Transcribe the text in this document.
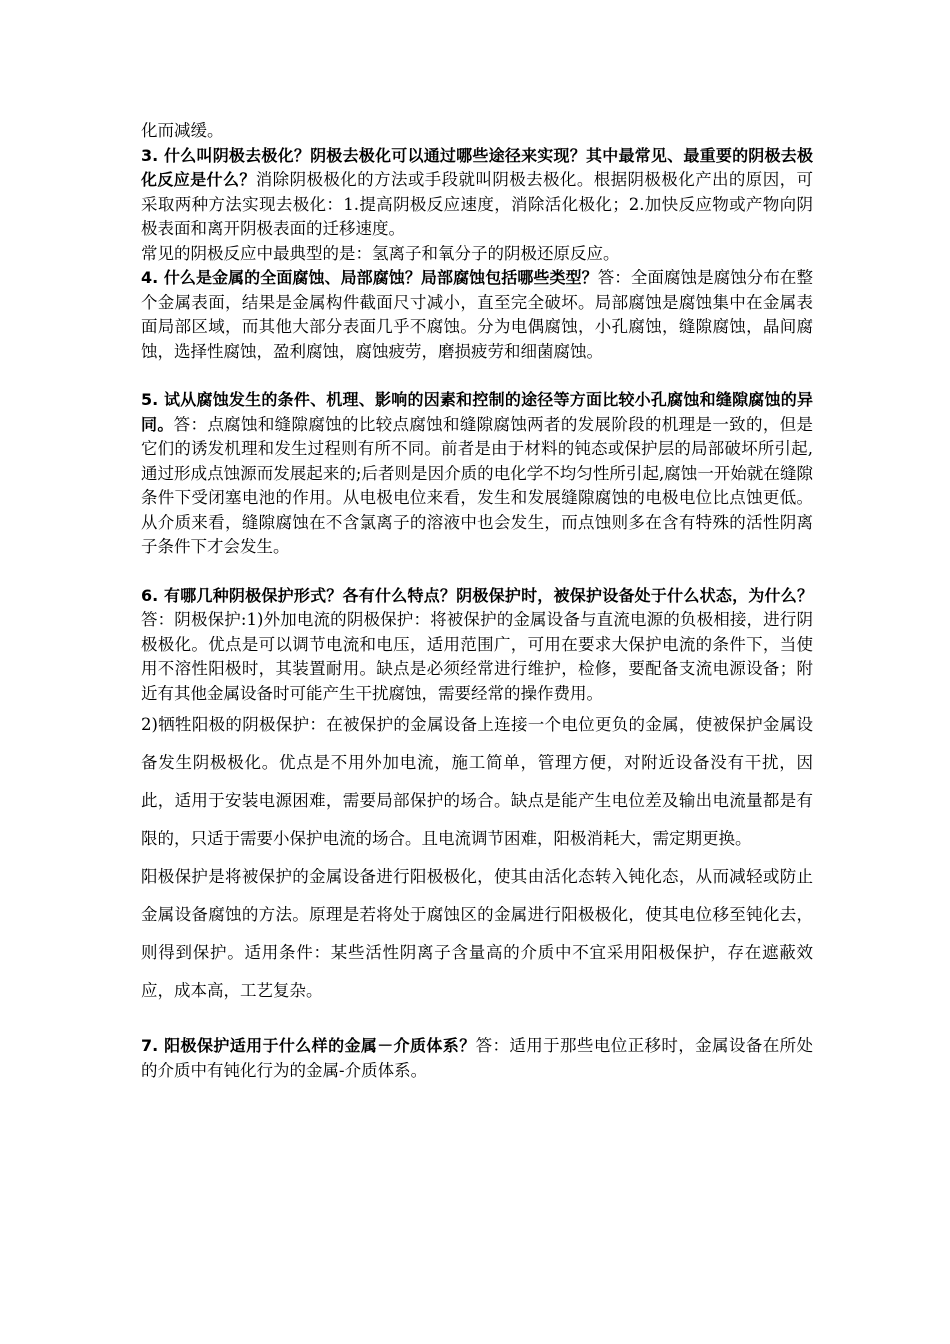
化而减缓。

3. 什么叫阴极去极化？阴极去极化可以通过哪些途径来实现？其中最常见、最重要的阴极去极化反应是什么？消除阴极极化的方法或手段就叫阴极去极化。根据阴极极化产出的原因，可采取两种方法实现去极化：1.提高阴极反应速度，消除活化极化；2.加快反应物或产物向阴极表面和离开阴极表面的迁移速度。

常见的阴极反应中最典型的是：氢离子和氧分子的阴极还原反应。

4. 什么是金属的全面腐蚀、局部腐蚀？局部腐蚀包括哪些类型？答：全面腐蚀是腐蚀分布在整个金属表面，结果是金属构件截面尺寸减小，直至完全破坏。局部腐蚀是腐蚀集中在金属表面局部区域，而其他大部分表面几乎不腐蚀。分为电偶腐蚀，小孔腐蚀，缝隙腐蚀，晶间腐蚀，选择性腐蚀，盈利腐蚀，腐蚀疲劳，磨损疲劳和细菌腐蚀。

5. 试从腐蚀发生的条件、机理、影响的因素和控制的途径等方面比较小孔腐蚀和缝隙腐蚀的异同。答：点腐蚀和缝隙腐蚀的比较点腐蚀和缝隙腐蚀两者的发展阶段的机理是一致的，但是它们的诱发机理和发生过程则有所不同。前者是由于材料的钝态或保护层的局部破坏所引起,通过形成点蚀源而发展起来的;后者则是因介质的电化学不均匀性所引起,腐蚀一开始就在缝隙条件下受闭塞电池的作用。从电极电位来看，发生和发展缝隙腐蚀的电极电位比点蚀更低。从介质来看，缝隙腐蚀在不含氯离子的溶液中也会发生，而点蚀则多在含有特殊的活性阴离子条件下才会发生。

6. 有哪几种阴极保护形式？各有什么特点？阴极保护时，被保护设备处于什么状态，为什么？答：阴极保护:1)外加电流的阴极保护：将被保护的金属设备与直流电源的负极相接，进行阴极极化。优点是可以调节电流和电压，适用范围广，可用在要求大保护电流的条件下，当使用不溶性阳极时，其装置耐用。缺点是必须经常进行维护，检修，要配备支流电源设备；附近有其他金属设备时可能产生干扰腐蚀，需要经常的操作费用。

2)牺牲阳极的阴极保护：在被保护的金属设备上连接一个电位更负的金属，使被保护金属设备发生阴极极化。优点是不用外加电流，施工简单，管理方便，对附近设备没有干扰，因此，适用于安装电源困难，需要局部保护的场合。缺点是能产生电位差及输出电流量都是有限的，只适于需要小保护电流的场合。且电流调节困难，阳极消耗大，需定期更换。

阳极保护是将被保护的金属设备进行阳极极化，使其由活化态转入钝化态，从而减轻或防止金属设备腐蚀的方法。原理是若将处于腐蚀区的金属进行阳极极化，使其电位移至钝化去，则得到保护。适用条件：某些活性阴离子含量高的介质中不宜采用阳极保护，存在遮蔽效应，成本高，工艺复杂。

7. 阳极保护适用于什么样的金属－介质体系？答：适用于那些电位正移时，金属设备在所处的介质中有钝化行为的金属-介质体系。
